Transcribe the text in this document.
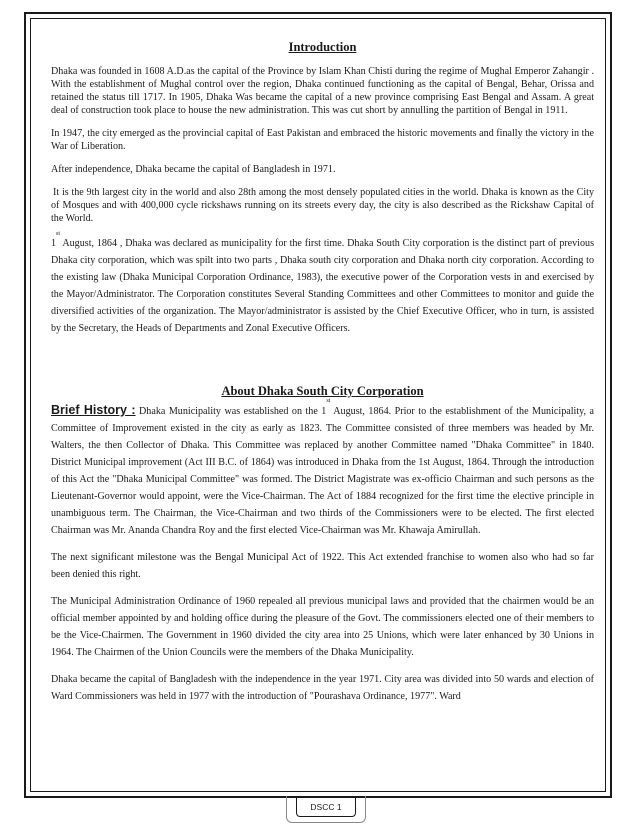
Introduction

Dhaka was founded in 1608 A.D.as the capital of the Province by Islam Khan Chisti during the regime of Mughal Emperor Zahangir . With the establishment of Mughal control over the region, Dhaka continued functioning as the capital of Bengal, Behar, Orissa and retained the status till 1717. In 1905, Dhaka Was became the capital of a new province comprising East Bengal and Assam. A great deal of construction took place to house the new administration. This was cut short by annulling the partition of Bengal in 1911.

In 1947, the city emerged as the provincial capital of East Pakistan and embraced the historic movements and finally the victory in the War of Liberation.

After independence, Dhaka became the capital of Bangladesh in 1971.

It is the 9th largest city in the world and also 28th among the most densely populated cities in the world. Dhaka is known as the City of Mosques and with 400,000 cycle rickshaws running on its streets every day, the city is also described as the Rickshaw Capital of the World.

1st August, 1864 , Dhaka was declared as municipality for the first time. Dhaka South City corporation is the distinct part of previous Dhaka city corporation, which was spilt into two parts , Dhaka south city corporation and Dhaka north city corporation. According to the existing law (Dhaka Municipal Corporation Ordinance, 1983), the executive power of the Corporation vests in and exercised by the Mayor/Administrator. The Corporation constitutes Several Standing Committees and other Committees to monitor and guide the diversified activities of the organization. The Mayor/administrator is assisted by the Chief Executive Officer, who in turn, is assisted by the Secretary, the Heads of Departments and Zonal Executive Officers.

About Dhaka South City Corporation

Brief History : Dhaka Municipality was established on the 1st August, 1864. Prior to the establishment of the Municipality, a Committee of Improvement existed in the city as early as 1823. The Committee consisted of three members was headed by Mr. Walters, the then Collector of Dhaka. This Committee was replaced by another Committee named "Dhaka Committee" in 1840. District Municipal improvement (Act III B.C. of 1864) was introduced in Dhaka from the 1st August, 1864. Through the introduction of this Act the "Dhaka Municipal Committee" was formed. The District Magistrate was ex-officio Chairman and such persons as the Lieutenant-Governor would appoint, were the Vice-Chairman. The Act of 1884 recognized for the first time the elective principle in unambiguous term. The Chairman, the Vice-Chairman and two thirds of the Commissioners were to be elected. The first elected Chairman was Mr. Ananda Chandra Roy and the first elected Vice-Chairman was Mr. Khawaja Amirullah.

The next significant milestone was the Bengal Municipal Act of 1922. This Act extended franchise to women also who had so far been denied this right.

The Municipal Administration Ordinance of 1960 repealed all previous municipal laws and provided that the chairmen would be an official member appointed by and holding office during the pleasure of the Govt. The commissioners elected one of their members to be the Vice-Chairmen. The Government in 1960 divided the city area into 25 Unions, which were later enhanced by 30 Unions in 1964. The Chairmen of the Union Councils were the members of the Dhaka Municipality.

Dhaka became the capital of Bangladesh with the independence in the year 1971. City area was divided into 50 wards and election of Ward Commissioners was held in 1977 with the introduction of "Pourashava Ordinance, 1977". Ward

DSCC 1
